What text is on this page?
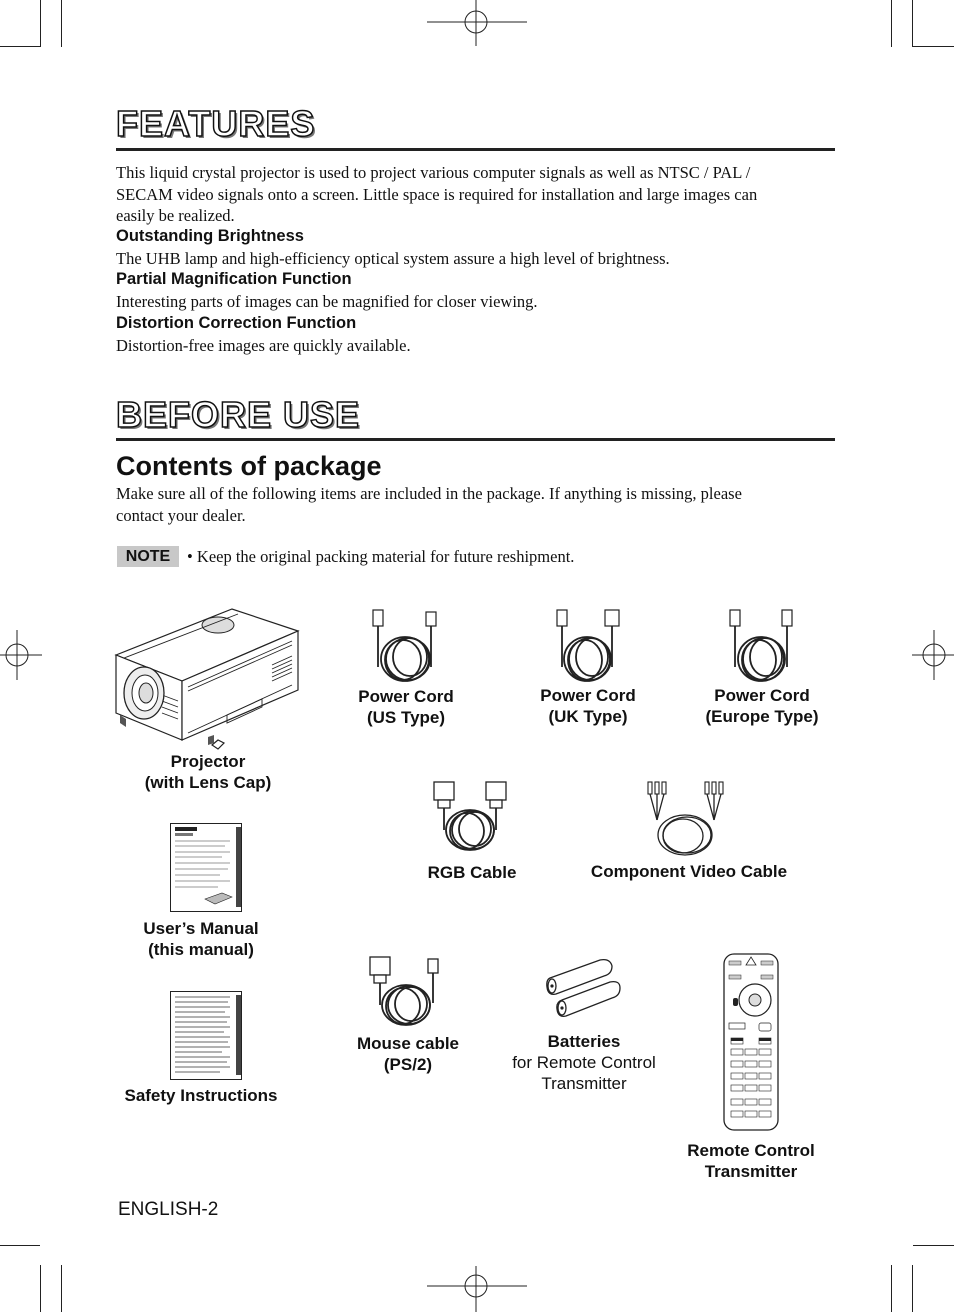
FEATURES
This liquid crystal projector is used to project various computer signals as well as NTSC / PAL /
SECAM video signals onto a screen. Little space is required for installation and large images can
easily be realized.
Outstanding Brightness
The UHB lamp and high-efficiency optical system assure a high level of brightness.
Partial Magnification Function
Interesting parts of images can be magnified for closer viewing.
Distortion Correction Function
Distortion-free images are quickly available.
BEFORE USE
Contents of package
Make sure all of the following items are included in the package. If anything is missing, please
contact your dealer.
NOTE	• Keep the original packing material for future reshipment.
Projector
(with Lens Cap)
Power Cord
(US Type)
Power Cord
(UK Type)
Power Cord
(Europe Type)
RGB Cable	Component Video Cable
User’s Manual
(this manual)
Mouse cable
(PS/2)
Batteries
for Remote Control
Transmitter
Safety Instructions
Remote Control
Transmitter
ENGLISH-2
